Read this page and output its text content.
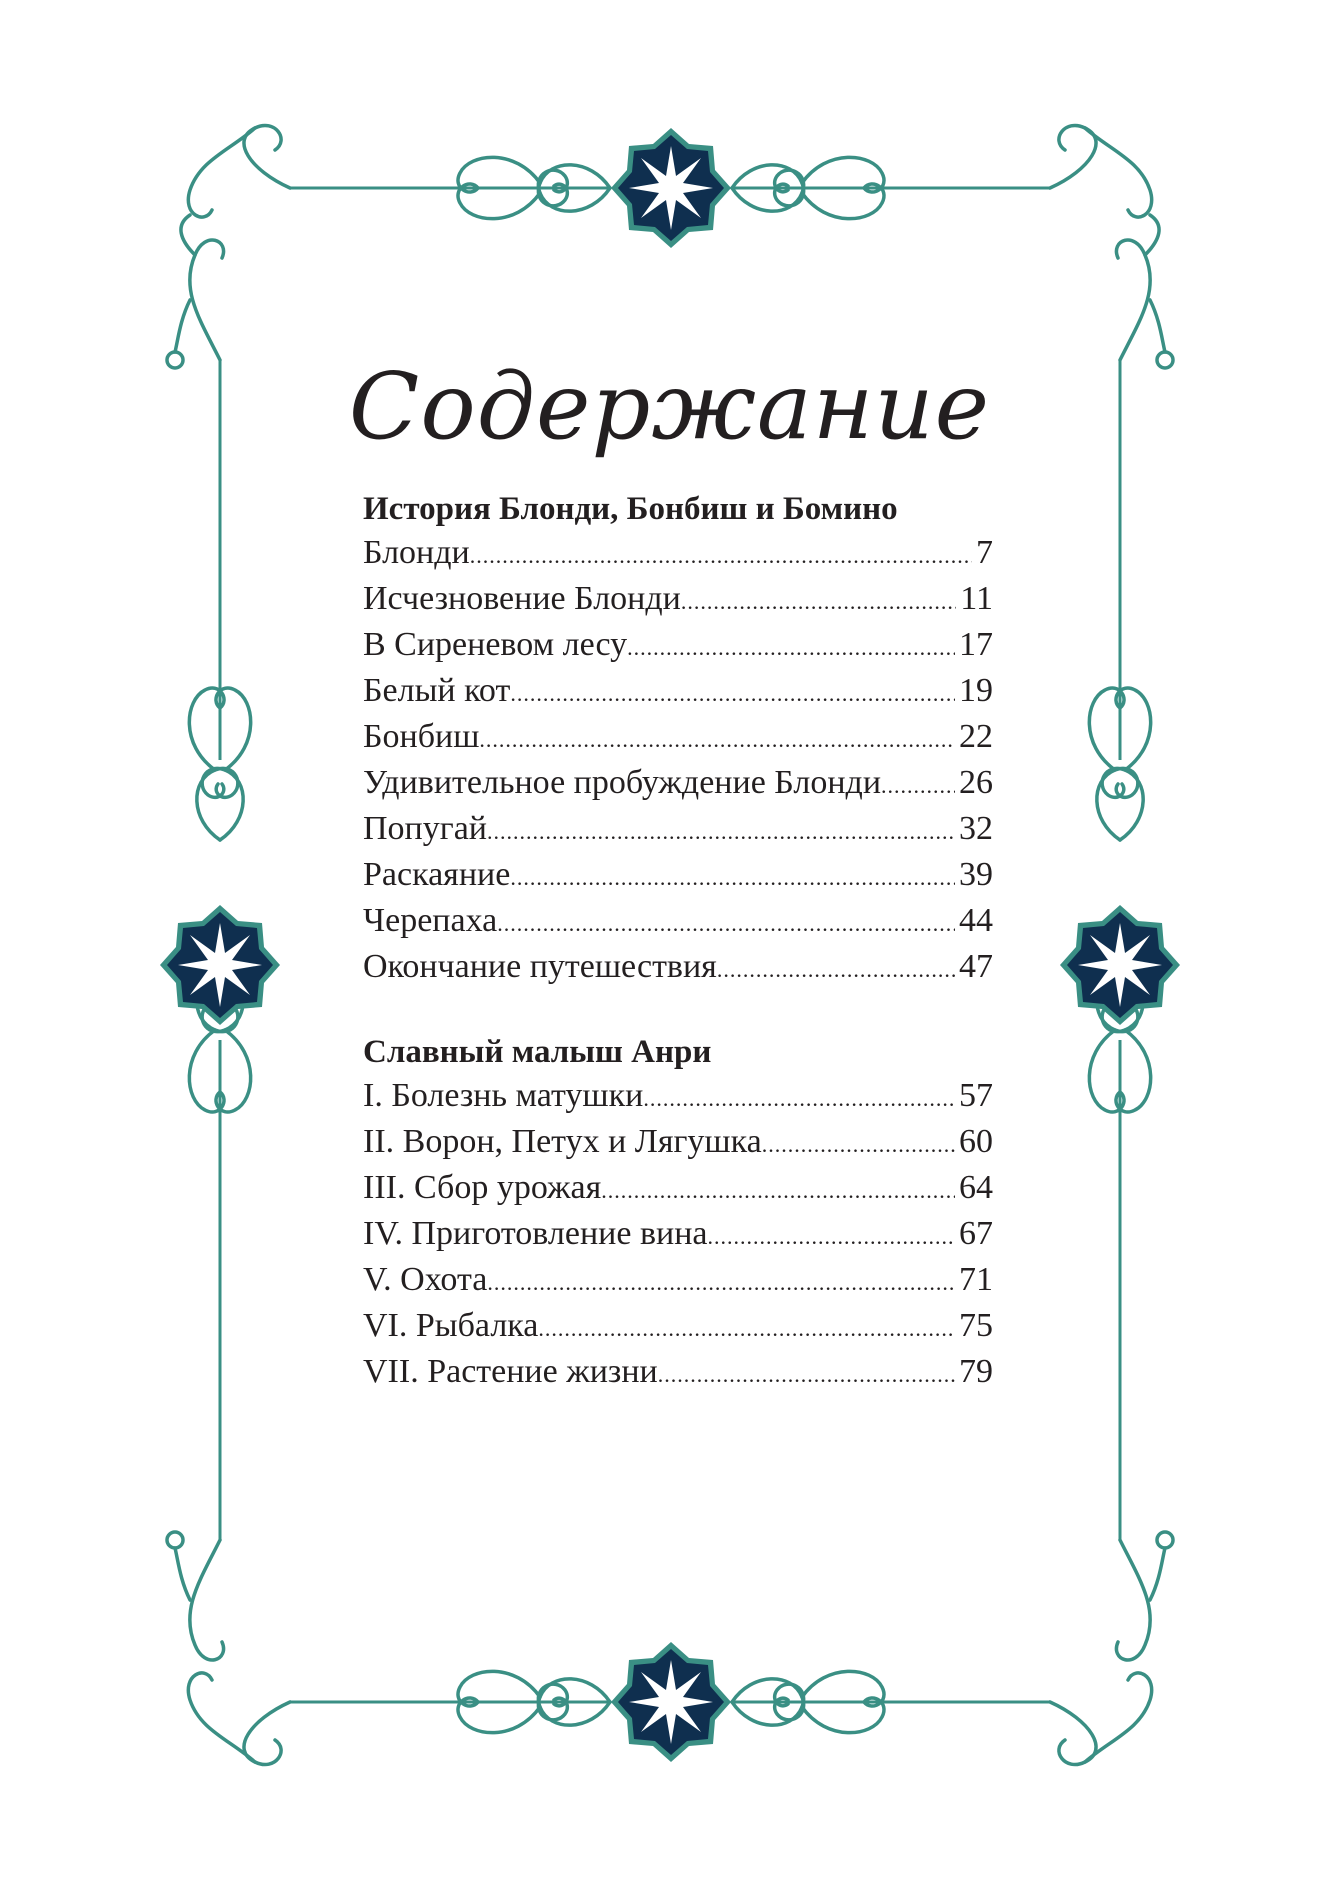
Содержание

История Блонди, Бонбиш и Бомино

Блонди .....	7
Исчезновение Блонди .....	11
В Сиреневом лесу .....	17
Белый кот .....	19
Бонбиш .....	22
Удивительное пробуждение Блонди ..... 26
Попугай .....	32
Раскаяние .....	39
Черепаха .....	44
Окончание путешествия .....	47

Славный малыш Анри

I. Болезнь матушки .....	57
II. Ворон, Петух и Лягушка .....	60
III. Сбор урожая .....	64
IV. Приготовление вина .....	67
V. Охота .....	71
VI. Рыбалка .....	75
VII. Растение жизни .....	79
